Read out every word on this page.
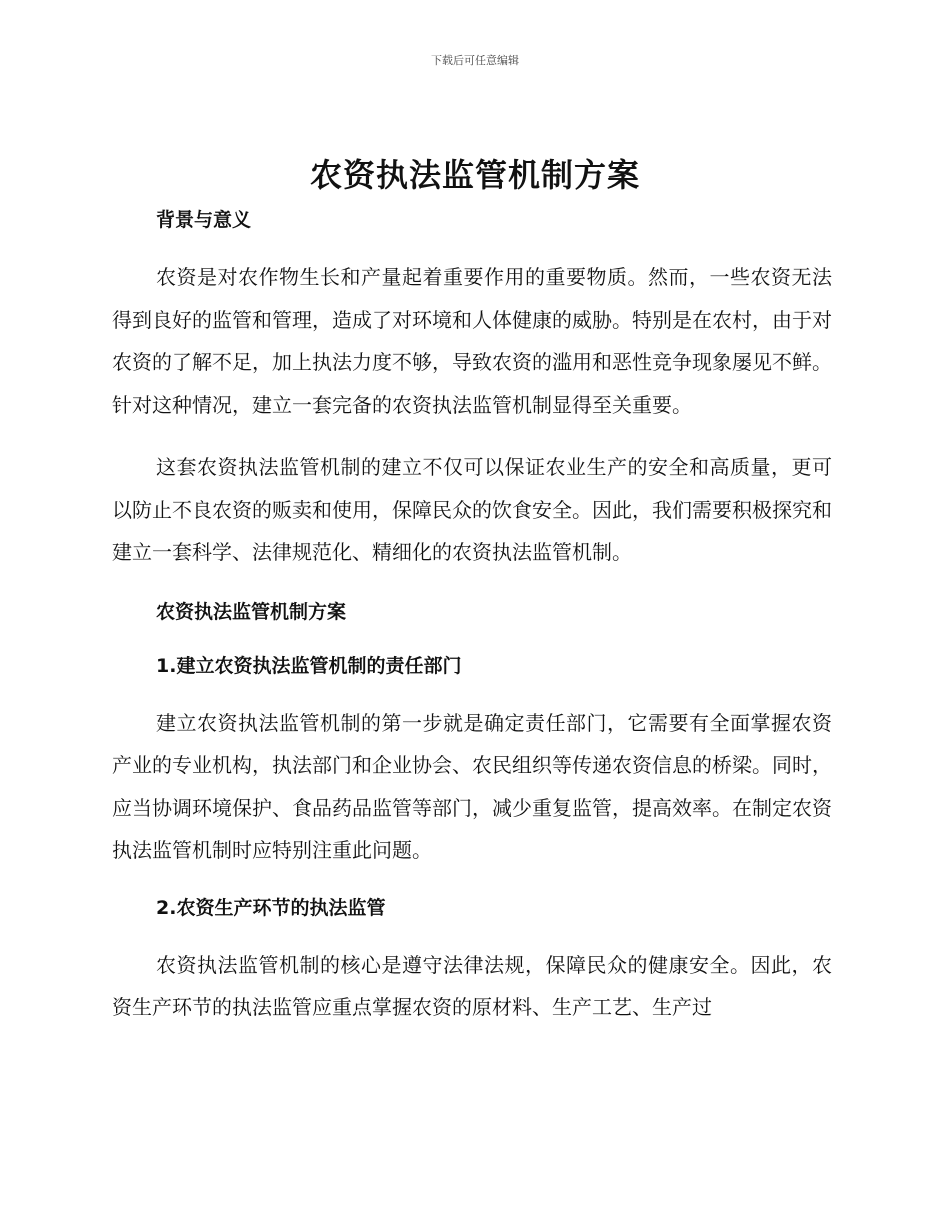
下载后可任意编辑
农资执法监管机制方案

背景与意义

农资是对农作物生长和产量起着重要作用的重要物质。然而，一些农资无法得到良好的监管和管理，造成了对环境和人体健康的威胁。特别是在农村，由于对农资的了解不足，加上执法力度不够，导致农资的滥用和恶性竞争现象屡见不鲜。针对这种情况，建立一套完备的农资执法监管机制显得至关重要。

这套农资执法监管机制的建立不仅可以保证农业生产的安全和高质量，更可以防止不良农资的贩卖和使用，保障民众的饮食安全。因此，我们需要积极探究和建立一套科学、法律规范化、精细化的农资执法监管机制。

农资执法监管机制方案

1.建立农资执法监管机制的责任部门

建立农资执法监管机制的第一步就是确定责任部门，它需要有全面掌握农资产业的专业机构，执法部门和企业协会、农民组织等传递农资信息的桥梁。同时，应当协调环境保护、食品药品监管等部门，减少重复监管，提高效率。在制定农资执法监管机制时应特别注重此问题。

2.农资生产环节的执法监管

农资执法监管机制的核心是遵守法律法规，保障民众的健康安全。因此，农资生产环节的执法监管应重点掌握农资的原材料、生产工艺、生产过
